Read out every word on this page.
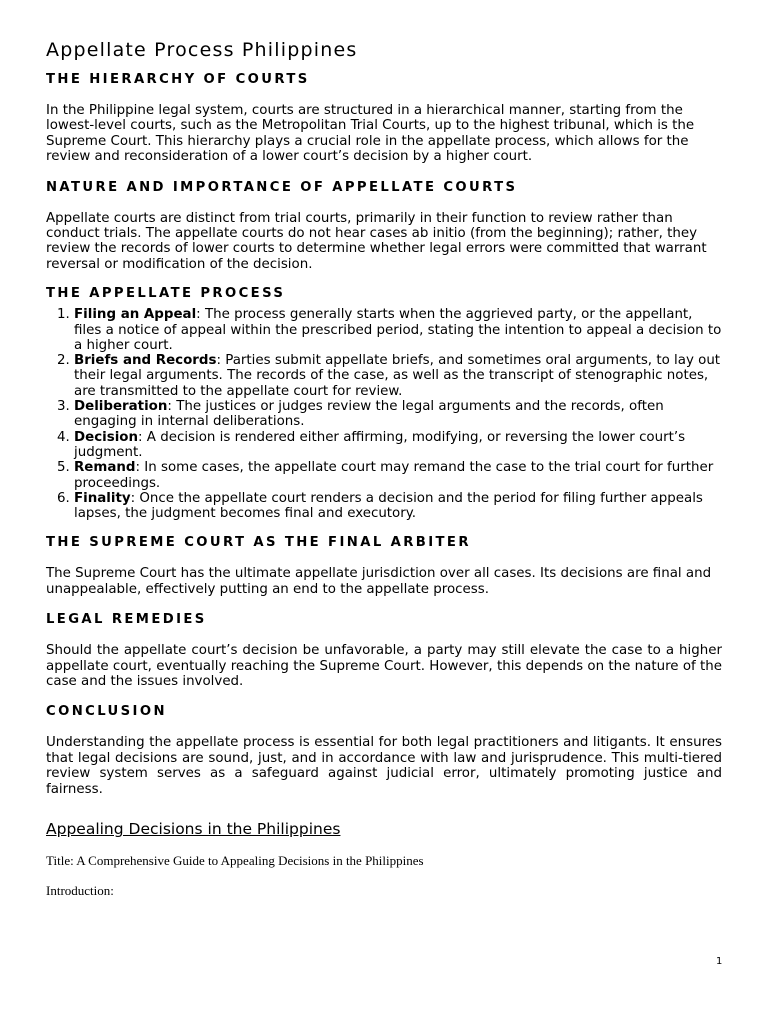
Appellate Process Philippines
THE HIERARCHY OF COURTS

In the Philippine legal system, courts are structured in a hierarchical manner, starting from the lowest-level courts, such as the Metropolitan Trial Courts, up to the highest tribunal, which is the Supreme Court. This hierarchy plays a crucial role in the appellate process, which allows for the review and reconsideration of a lower court’s decision by a higher court.

NATURE AND IMPORTANCE OF APPELLATE COURTS

Appellate courts are distinct from trial courts, primarily in their function to review rather than conduct trials. The appellate courts do not hear cases ab initio (from the beginning); rather, they review the records of lower courts to determine whether legal errors were committed that warrant reversal or modification of the decision.

THE APPELLATE PROCESS
1. Filing an Appeal: The process generally starts when the aggrieved party, or the appellant, files a notice of appeal within the prescribed period, stating the intention to appeal a decision to a higher court.
2. Briefs and Records: Parties submit appellate briefs, and sometimes oral arguments, to lay out their legal arguments. The records of the case, as well as the transcript of stenographic notes, are transmitted to the appellate court for review.
3. Deliberation: The justices or judges review the legal arguments and the records, often engaging in internal deliberations.
4. Decision: A decision is rendered either affirming, modifying, or reversing the lower court’s judgment.
5. Remand: In some cases, the appellate court may remand the case to the trial court for further proceedings.
6. Finality: Once the appellate court renders a decision and the period for filing further appeals lapses, the judgment becomes final and executory.
THE SUPREME COURT AS THE FINAL ARBITER

The Supreme Court has the ultimate appellate jurisdiction over all cases. Its decisions are final and unappealable, effectively putting an end to the appellate process.

LEGAL REMEDIES

Should the appellate court’s decision be unfavorable, a party may still elevate the case to a higher appellate court, eventually reaching the Supreme Court. However, this depends on the nature of the case and the issues involved.

CONCLUSION

Understanding the appellate process is essential for both legal practitioners and litigants. It ensures that legal decisions are sound, just, and in accordance with law and jurisprudence. This multi-tiered review system serves as a safeguard against judicial error, ultimately promoting justice and fairness.

Appealing Decisions in the Philippines

Title: A Comprehensive Guide to Appealing Decisions in the Philippines

Introduction:

1
